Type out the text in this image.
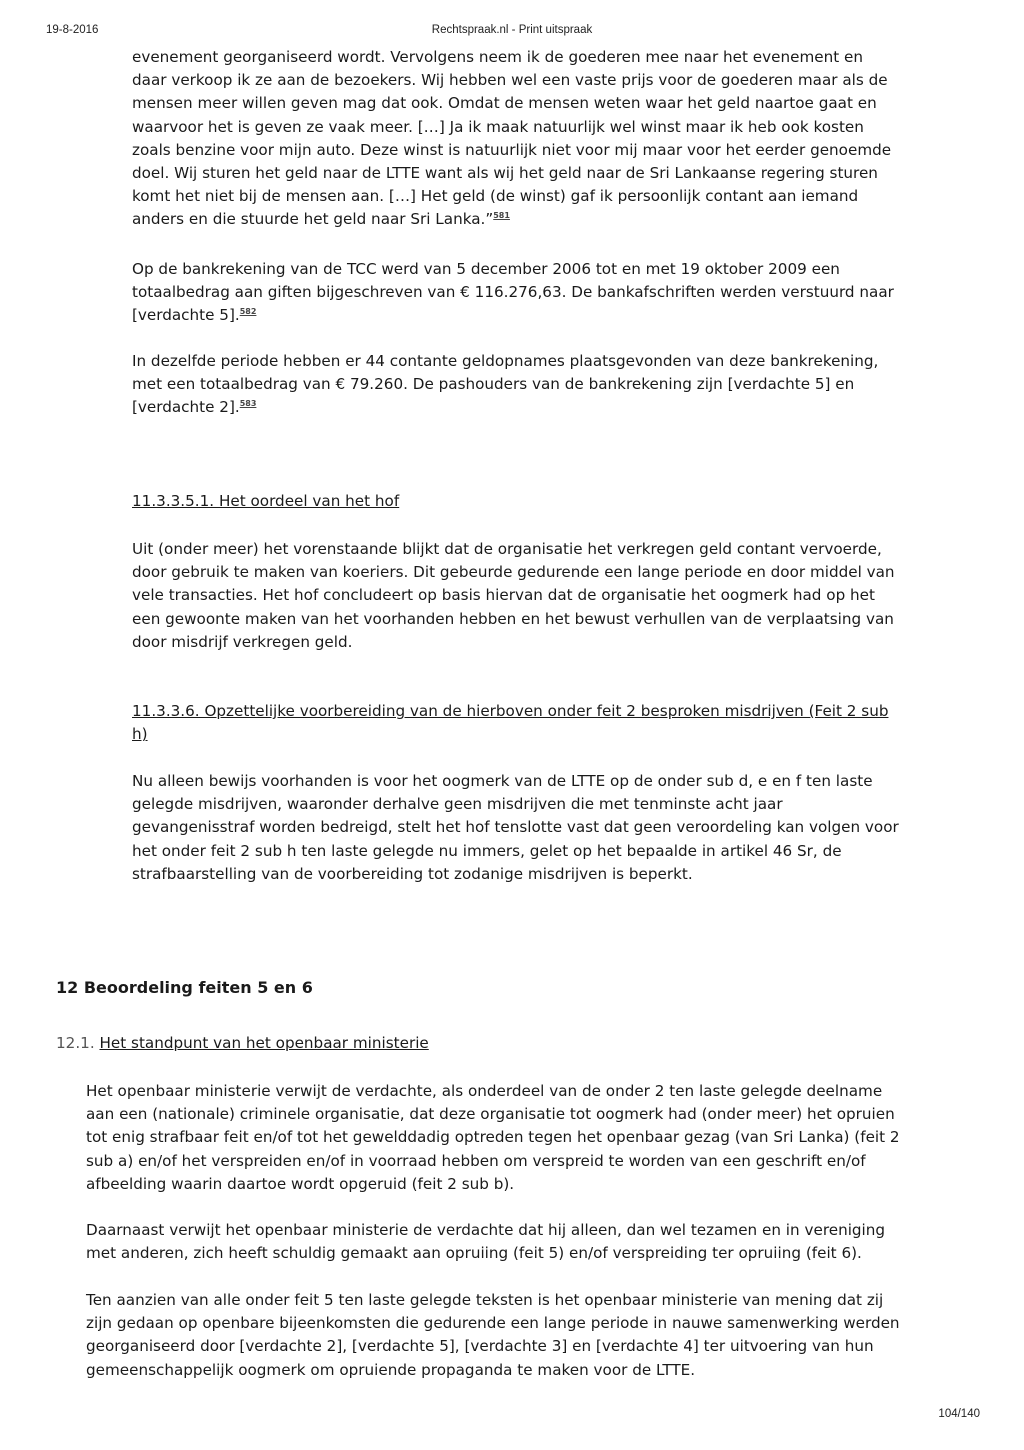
19-8-2016	Rechtspraak.nl - Print uitspraak

evenement georganiseerd wordt. Vervolgens neem ik de goederen mee naar het evenement en daar verkoop ik ze aan de bezoekers. Wij hebben wel een vaste prijs voor de goederen maar als de mensen meer willen geven mag dat ook. Omdat de mensen weten waar het geld naartoe gaat en waarvoor het is geven ze vaak meer. […] Ja ik maak natuurlijk wel winst maar ik heb ook kosten zoals benzine voor mijn auto. Deze winst is natuurlijk niet voor mij maar voor het eerder genoemde doel. Wij sturen het geld naar de LTTE want als wij het geld naar de Sri Lankaanse regering sturen komt het niet bij de mensen aan. […] Het geld (de winst) gaf ik persoonlijk contant aan iemand anders en die stuurde het geld naar Sri Lanka.”$^{581}$

Op de bankrekening van de TCC werd van 5 december 2006 tot en met 19 oktober 2009 een totaalbedrag aan giften bijgeschreven van € 116.276,63. De bankafschriften werden verstuurd naar [verdachte 5].$^{582}$

In dezelfde periode hebben er 44 contante geldopnames plaatsgevonden van deze bankrekening, met een totaalbedrag van € 79.260. De pashouders van de bankrekening zijn [verdachte 5] en [verdachte 2].$^{583}$

11.3.3.5.1. Het oordeel van het hof

Uit (onder meer) het vorenstaande blijkt dat de organisatie het verkregen geld contant vervoerde, door gebruik te maken van koeriers. Dit gebeurde gedurende een lange periode en door middel van vele transacties. Het hof concludeert op basis hiervan dat de organisatie het oogmerk had op het een gewoonte maken van het voorhanden hebben en het bewust verhullen van de verplaatsing van door misdrijf verkregen geld.

11.3.3.6. Opzettelijke voorbereiding van de hierboven onder feit 2 besproken misdrijven (Feit 2 sub h)

Nu alleen bewijs voorhanden is voor het oogmerk van de LTTE op de onder sub d, e en f ten laste gelegde misdrijven, waaronder derhalve geen misdrijven die met tenminste acht jaar gevangenisstraf worden bedreigd, stelt het hof tenslotte vast dat geen veroordeling kan volgen voor het onder feit 2 sub h ten laste gelegde nu immers, gelet op het bepaalde in artikel 46 Sr, de strafbaarstelling van de voorbereiding tot zodanige misdrijven is beperkt.

12 Beoordeling feiten 5 en 6
12.1. Het standpunt van het openbaar ministerie

Het openbaar ministerie verwijt de verdachte, als onderdeel van de onder 2 ten laste gelegde deelname aan een (nationale) criminele organisatie, dat deze organisatie tot oogmerk had (onder meer) het opruien tot enig strafbaar feit en/of tot het gewelddadig optreden tegen het openbaar gezag (van Sri Lanka) (feit 2 sub a) en/of het verspreiden en/of in voorraad hebben om verspreid te worden van een geschrift en/of afbeelding waarin daartoe wordt opgeruid (feit 2 sub b).

Daarnaast verwijt het openbaar ministerie de verdachte dat hij alleen, dan wel tezamen en in vereniging met anderen, zich heeft schuldig gemaakt aan opruiing (feit 5) en/of verspreiding ter opruiing (feit 6).

Ten aanzien van alle onder feit 5 ten laste gelegde teksten is het openbaar ministerie van mening dat zij zijn gedaan op openbare bijeenkomsten die gedurende een lange periode in nauwe samenwerking werden georganiseerd door [verdachte 2], [verdachte 5], [verdachte 3] en [verdachte 4] ter uitvoering van hun gemeenschappelijk oogmerk om opruiende propaganda te maken voor de LTTE.

104/140
